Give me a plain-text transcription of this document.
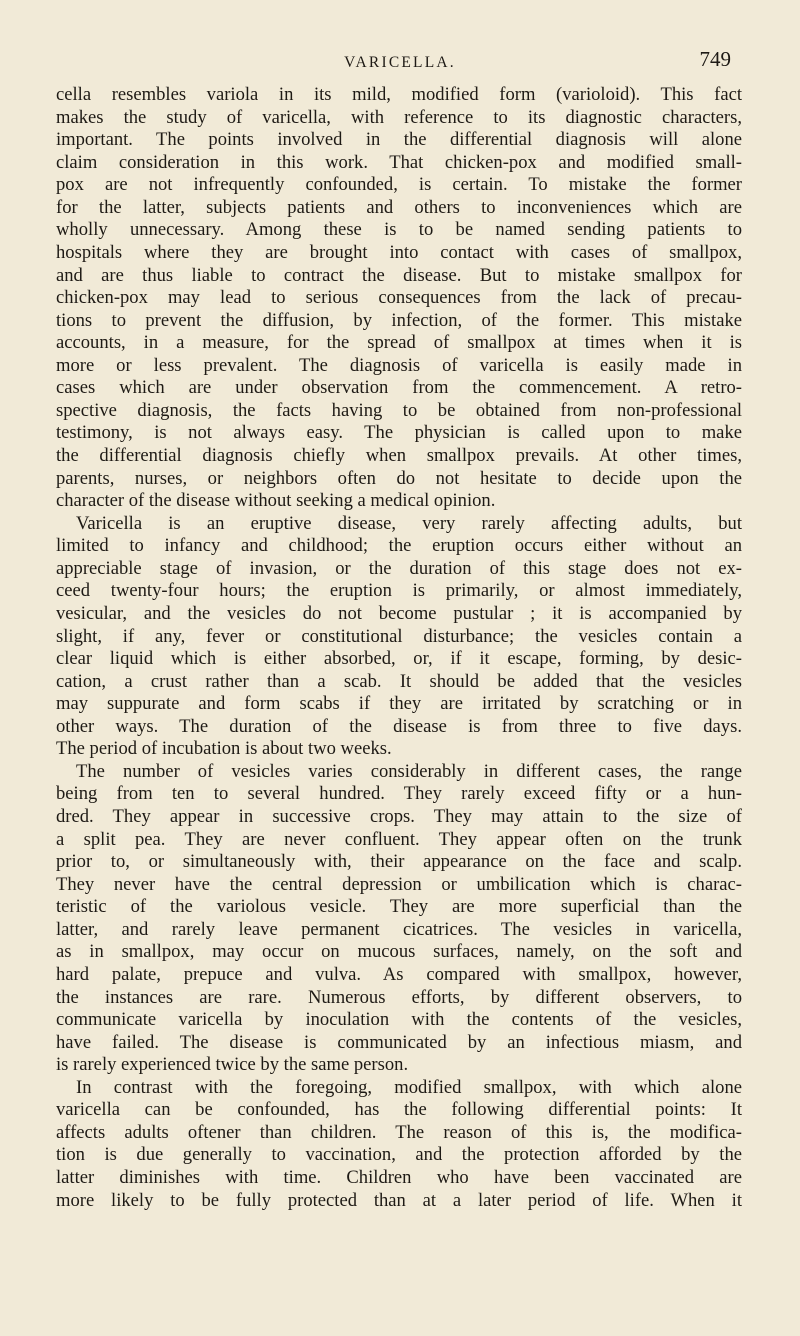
VARICELLA.	749
cella resembles variola in its mild, modified form (varioloid). This fact
makes the study of varicella, with reference to its diagnostic characters,
important. The points involved in the differential diagnosis will alone
claim consideration in this work. That chicken-pox and modified small-
pox are not infrequently confounded, is certain. To mistake the former
for the latter, subjects patients and others to inconveniences which are
wholly unnecessary. Among these is to be named sending patients to
hospitals where they are brought into contact with cases of smallpox,
and are thus liable to contract the disease. But to mistake smallpox for
chicken-pox may lead to serious consequences from the lack of precau-
tions to prevent the diffusion, by infection, of the former. This mistake
accounts, in a measure, for the spread of smallpox at times when it is
more or less prevalent. The diagnosis of varicella is easily made in
cases which are under observation from the commencement. A retro-
spective diagnosis, the facts having to be obtained from non-professional
testimony, is not always easy. The physician is called upon to make
the differential diagnosis chiefly when smallpox prevails. At other times,
parents, nurses, or neighbors often do not hesitate to decide upon the
character of the disease without seeking a medical opinion.
Varicella is an eruptive disease, very rarely affecting adults, but
limited to infancy and childhood; the eruption occurs either without an
appreciable stage of invasion, or the duration of this stage does not ex-
ceed twenty-four hours; the eruption is primarily, or almost immediately,
vesicular, and the vesicles do not become pustular ; it is accompanied by
slight, if any, fever or constitutional disturbance; the vesicles contain a
clear liquid which is either absorbed, or, if it escape, forming, by desic-
cation, a crust rather than a scab. It should be added that the vesicles
may suppurate and form scabs if they are irritated by scratching or in
other ways. The duration of the disease is from three to five days.
The period of incubation is about two weeks.
The number of vesicles varies considerably in different cases, the range
being from ten to several hundred. They rarely exceed fifty or a hun-
dred. They appear in successive crops. They may attain to the size of
a split pea. They are never confluent. They appear often on the trunk
prior to, or simultaneously with, their appearance on the face and scalp.
They never have the central depression or umbilication which is charac-
teristic of the variolous vesicle. They are more superficial than the
latter, and rarely leave permanent cicatrices. The vesicles in varicella,
as in smallpox, may occur on mucous surfaces, namely, on the soft and
hard palate, prepuce and vulva. As compared with smallpox, however,
the instances are rare. Numerous efforts, by different observers, to
communicate varicella by inoculation with the contents of the vesicles,
have failed. The disease is communicated by an infectious miasm, and
is rarely experienced twice by the same person.
In contrast with the foregoing, modified smallpox, with which alone
varicella can be confounded, has the following differential points: It
affects adults oftener than children. The reason of this is, the modifica-
tion is due generally to vaccination, and the protection afforded by the
latter diminishes with time. Children who have been vaccinated are
more likely to be fully protected than at a later period of life. When it
